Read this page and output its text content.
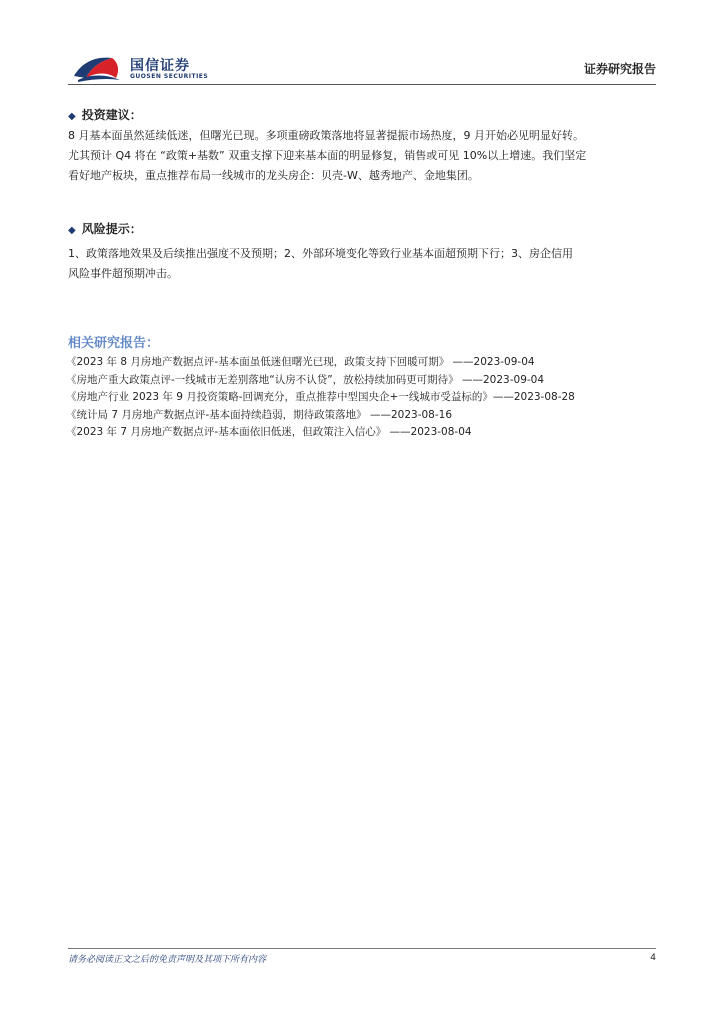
国信证券
GUOSEN SECURITIES
证券研究报告
◆ 投资建议：
8 月基本面虽然延续低迷，但曙光已现。多项重磅政策落地将显著提振市场热度，9 月开始必见明显好转。
尤其预计 Q4 将在 “政策+基数” 双重支撑下迎来基本面的明显修复，销售或可见 10%以上增速。我们坚定
看好地产板块，重点推荐布局一线城市的龙头房企：贝壳-W、越秀地产、金地集团。
◆ 风险提示：
1、政策落地效果及后续推出强度不及预期；2、外部环境变化等致行业基本面超预期下行；3、房企信用
风险事件超预期冲击。
相关研究报告：
《2023 年 8 月房地产数据点评-基本面虽低迷但曙光已现，政策支持下回暖可期》 ——2023-09-04
《房地产重大政策点评-一线城市无差别落地“认房不认贷”，放松持续加码更可期待》 ——2023-09-04
《房地产行业 2023 年 9 月投资策略-回调充分，重点推荐中型国央企+一线城市受益标的》——2023-08-28
《统计局 7 月房地产数据点评-基本面持续趋弱，期待政策落地》 ——2023-08-16
《2023 年 7 月房地产数据点评-基本面依旧低迷，但政策注入信心》 ——2023-08-04
请务必阅读正文之后的免责声明及其项下所有内容	4
